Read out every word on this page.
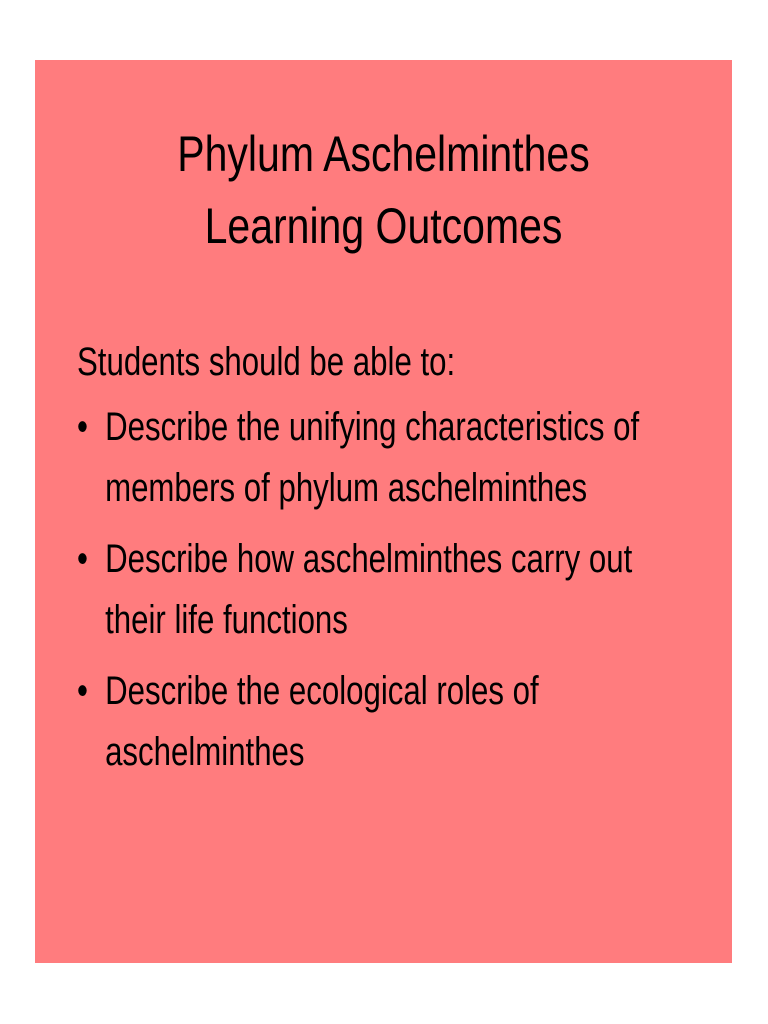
Phylum Aschelminthes
Learning Outcomes

Students should be able to:

• Describe the unifying characteristics of
members of phylum aschelminthes
• Describe how aschelminthes carry out
their life functions
• Describe the ecological roles of
aschelminthes
